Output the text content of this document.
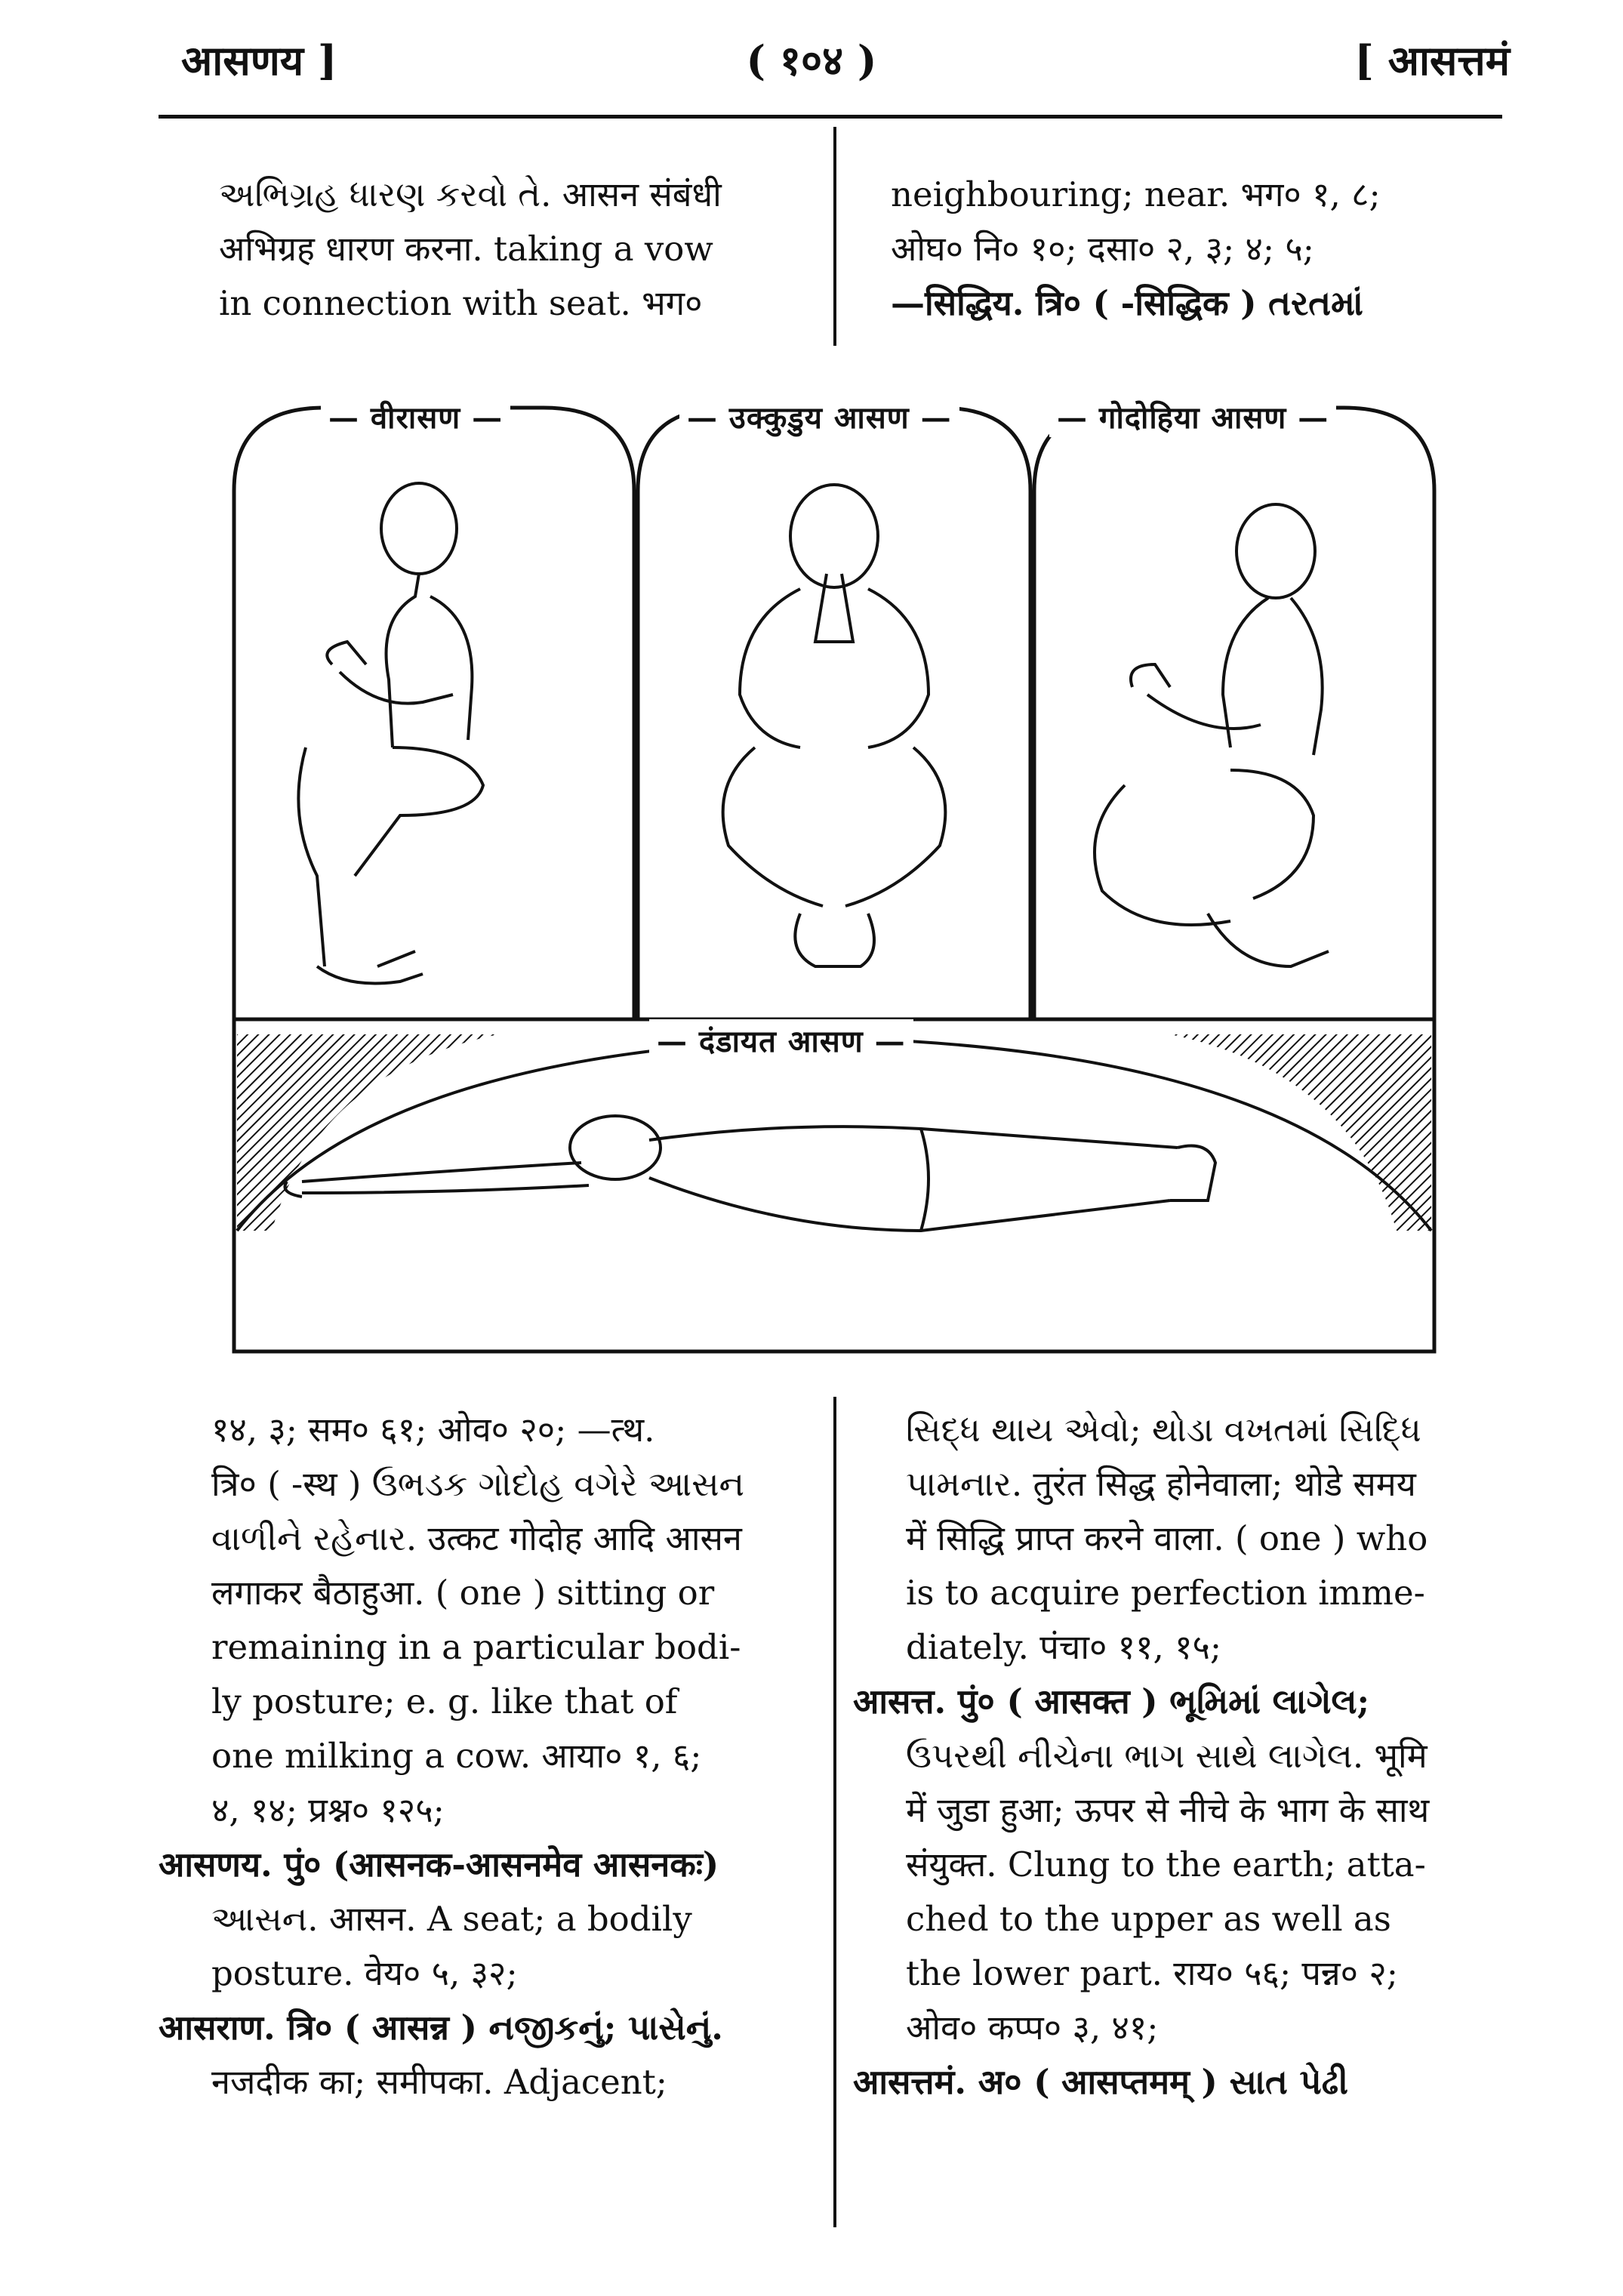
आसणय ]	( १०४ )	[ आसत्तमं
અભિગ્રહ ધારણ કરવો તે. आसन संबंधी
अभिग्रह धारण करना. taking a vow
in connection with seat. भग०
neighbouring; near. भग० १, ८;
ओघ० नि० १०; दसा० २, ३; ४; ५;
—सिद्धिय. त्रि० ( -सिद्धिक ) તરતમાં
— वीरासण —	— उक्कुडुय आसण —	— गोदोहिया आसण —
— दंडायत आसण —
१४, ३; सम० ६१; ओव० २०; —त्थ.
त्रि० ( -स्थ ) ઉભડક ગોદોહ વગેરે આસન
વાળીને રહેનાર. उत्कट गोदोह आदि आसन
लगाकर बैठाहुआ. ( one ) sitting or
remaining in a particular bodi-
ly posture; e. g. like that of
one milking a cow. आया० १, ६;
४, १४; प्रश्न० १२५;
आसणय. पुं० (आसनक-आसनमेव आसनकः)
આસન. आसन. A seat; a bodily
posture. वेय० ५, ३२;
आसराण. त्रि० ( आसन्न ) નજીકનું; પાસેનું.
नजदीक का; समीपका. Adjacent;
સિદ્ધ થાય એવો; થોડા વખતમાં સિદ્ધિ
પામનાર. तुरंत सिद्ध होनेवाला; थोडे समय
में सिद्धि प्राप्त करने वाला. ( one ) who
is to acquire perfection imme-
diately. पंचा० ११, १५;
आसत्त. पुं० ( आसक्त ) ભૂમિમાં લાગેલ;
ઉપરથી નીચેના ભાગ સાથે લાગેલ. भूमि
में जुडा हुआ; ऊपर से नीचे के भाग के साथ
संयुक्त. Clung to the earth; atta-
ched to the upper as well as
the lower part. राय० ५६; पन्न० २;
ओव० कप्प० ३, ४१;
आसत्तमं. अ० ( आसप्तमम् ) સાત પેઢી
